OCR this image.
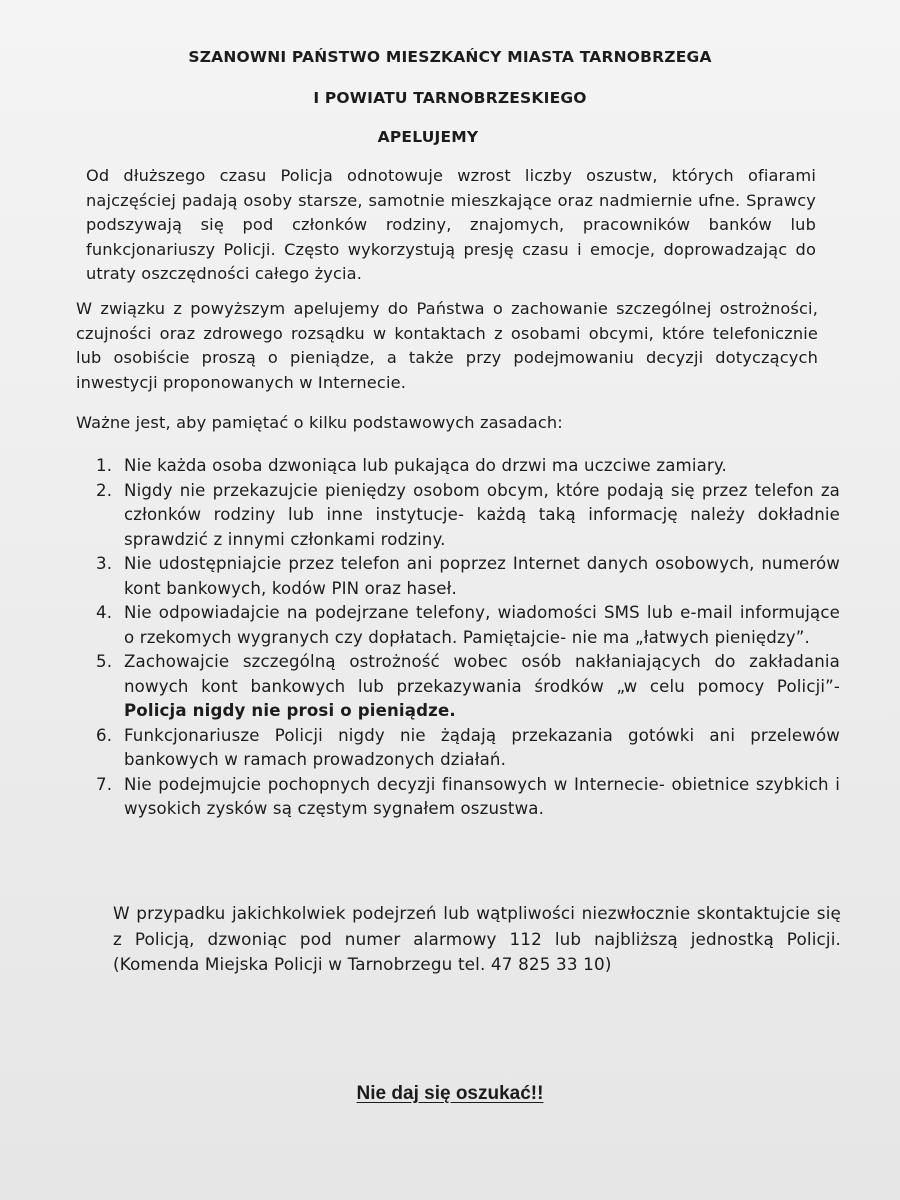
SZANOWNI PAŃSTWO MIESZKAŃCY MIASTA TARNOBRZEGA
I POWIATU TARNOBRZESKIEGO
APELUJEMY
Od dłuższego czasu Policja odnotowuje wzrost liczby oszustw, których ofiarami najczęściej padają osoby starsze, samotnie mieszkające oraz nadmiernie ufne. Sprawcy podszywają się pod członków rodziny, znajomych, pracowników banków lub funkcjonariuszy Policji. Często wykorzystują presję czasu i emocje, doprowadzając do utraty oszczędności całego życia.
W związku z powyższym apelujemy do Państwa o zachowanie szczególnej ostrożności, czujności oraz zdrowego rozsądku w kontaktach z osobami obcymi, które telefonicznie lub osobiście proszą o pieniądze, a także przy podejmowaniu decyzji dotyczących inwestycji proponowanych w Internecie.
Ważne jest, aby pamiętać o kilku podstawowych zasadach:
1. Nie każda osoba dzwoniąca lub pukająca do drzwi ma uczciwe zamiary.
2. Nigdy nie przekazujcie pieniędzy osobom obcym, które podają się przez telefon za członków rodziny lub inne instytucje- każdą taką informację należy dokładnie sprawdzić z innymi członkami rodziny.
3. Nie udostępniajcie przez telefon ani poprzez Internet danych osobowych, numerów kont bankowych, kodów PIN oraz haseł.
4. Nie odpowiadajcie na podejrzane telefony, wiadomości SMS lub e-mail informujące o rzekomych wygranych czy dopłatach. Pamiętajcie- nie ma „łatwych pieniędzy”.
5. Zachowajcie szczególną ostrożność wobec osób nakłaniających do zakładania nowych kont bankowych lub przekazywania środków „w celu pomocy Policji”- Policja nigdy nie prosi o pieniądze.
6. Funkcjonariusze Policji nigdy nie żądają przekazania gotówki ani przelewów bankowych w ramach prowadzonych działań.
7. Nie podejmujcie pochopnych decyzji finansowych w Internecie- obietnice szybkich i wysokich zysków są częstym sygnałem oszustwa.
W przypadku jakichkolwiek podejrzeń lub wątpliwości niezwłocznie skontaktujcie się z Policją, dzwoniąc pod numer alarmowy 112 lub najbliższą jednostką Policji. (Komenda Miejska Policji w Tarnobrzegu tel. 47 825 33 10)
Nie daj się oszukać!!
